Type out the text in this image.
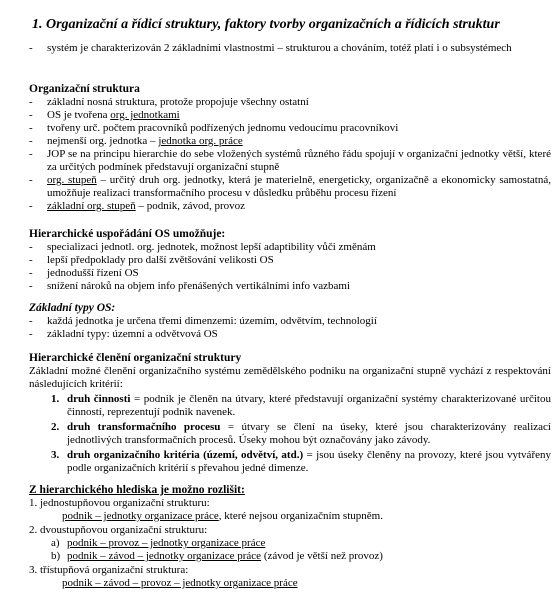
1. Organizační a řídicí struktury, faktory tvorby organizačních a řídicích struktur
-	systém je charakterizován 2 základními vlastnostmi – strukturou a chováním, totéž platí i o subsystémech
Organizační struktura
-	základní nosná struktura, protože propojuje všechny ostatní
-	OS je tvořena org. jednotkami
-	tvořeny urč. počtem pracovníků podřízených jednomu vedoucímu pracovníkovi
-	nejmenší org. jednotka – jednotka org. práce
-	JOP se na principu hierarchie do sebe vložených systémů různého řádu spojují v organizační jednotky větší, které za určitých podmínek představují organizační stupně
-	org. stupeň – určitý druh org. jednotky, která je materielně, energeticky, organizačně a ekonomicky samostatná, umožňuje realizaci transformačního procesu v důsledku průběhu procesu řízení
-	základní org. stupeň – podnik, závod, provoz
Hierarchické uspořádání OS umožňuje:
-	specializaci jednotl. org. jednotek, možnost lepší adaptibility vůči změnám
-	lepší předpoklady pro další zvětšování velikosti OS
-	jednodušší řízení OS
-	snížení nároků na objem info přenášených vertikálními info vazbami
Základní typy OS:
-	každá jednotka je určena třemi dimenzemi: územím, odvětvím, technologií
-	základní typy: územní a odvětvová OS
Hierarchické členění organizační struktury
Základní možné členění organizačního systému zemědělského podniku na organizační stupně vychází z respektování následujících kritérií:
1. druh činnosti = podnik je členěn na útvary, které představují organizační systémy charakterizované určitou činností, reprezentují podnik navenek.
2. druh transformačního procesu = útvary se člení na úseky, které jsou charakterizovány realizací jednotlivých transformačních procesů. Úseky mohou být označovány jako závody.
3. druh organizačního kritéria (území, odvětví, atd.) = jsou úseky členěny na provozy, které jsou vytvářeny podle organizačních kritérií s převahou jedné dimenze.
Z hierarchického hlediska je možno rozlišit:
1. jednostupňovou organizační strukturu:
podnik – jednotky organizace práce, které nejsou organizačním stupněm.
2. dvoustupňovou organizační strukturu:
a) podnik – provoz – jednotky organizace práce
b) podnik – závod – jednotky organizace práce (závod je větší než provoz)
3. třístupňová organizační struktura:
podnik – závod – provoz – jednotky organizace práce
